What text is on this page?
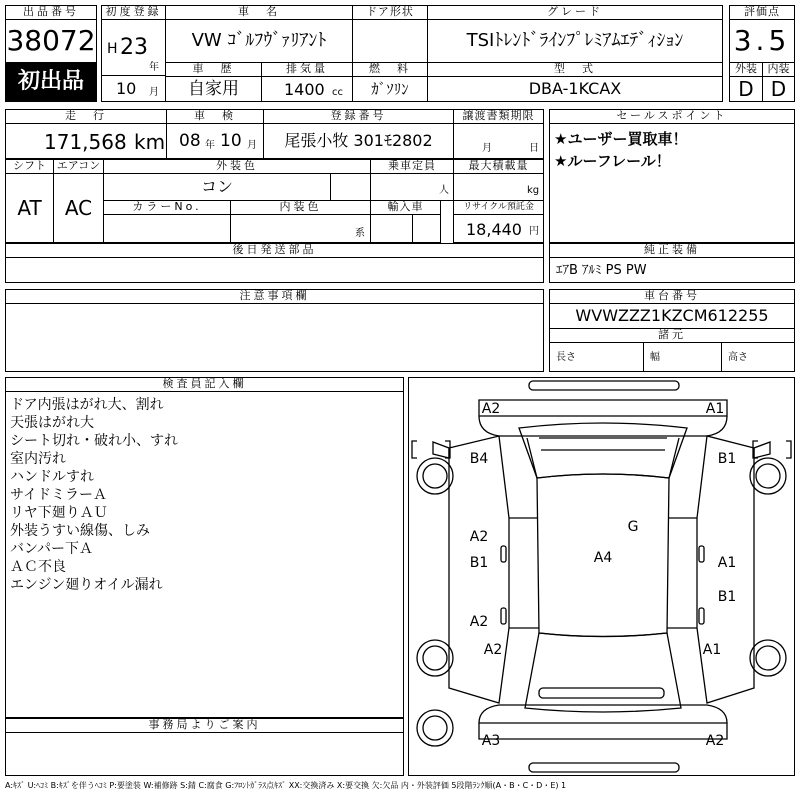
出品番号
38072
初出品
初度登録
H 23
年
10 月
車　名
VW ｺﾞﾙﾌｳﾞｧﾘｱﾝﾄ
ドア形状	グレード
TSIﾄﾚﾝﾄﾞﾗｲﾝﾌﾟﾚﾐｱﾑｴﾃﾞｨｼｮﾝ
車　歴
自家用
排気量
1400 cc
燃　料
ｶﾞｿﾘﾝ
型　式
DBA-1KCAX
評価点
3.5
外装 内装
D D
走　行
171,568 km
車　検
08 年 10 月
登録番号
尾張小牧 301ﾓ2802
譲渡書類期限
月	日
セールスポイント
★ユーザー買取車！
★ルーフレール！
シフト
AT
エアコン
AC
外装色
コン
乗車定員
人
最大積載量
kg
カラーNo.	内装色
系
輸入車	リサイクル預託金
18,440 円
後日発送部品	純正装備
ｴｱB ｱﾙﾐ PS PW
注意事項欄	車台番号
WVWZZZ1KZCM612255
諸元
長さ	幅	高さ
検査員記入欄
ドア内張はがれ大、割れ
天張はがれ大
シート切れ・破れ小、すれ
室内汚れ
ハンドルすれ
サイドミラーＡ
リヤ下廻りＡＵ
外装うすい線傷、しみ
バンパー下Ａ
ＡＣ不良
エンジン廻りオイル漏れ
事務局よりご案内
A2	A1
B4	B1
A2
B1
G
A4	A1
B1
A2
A2	A1
A3	A2
A:ｷｽﾞ U:ﾍｺﾐ B:ｷｽﾞを伴うﾍｺﾐ P:要塗装 W:補修跡 S:錆 C:腐食 G:ﾌﾛﾝﾄｶﾞﾗｽ点ｷｽﾞ XX:交換済み X:要交換 欠:欠品 内・外装評価 5段階ﾗﾝｸ順(A・B・C・D・E) 1
